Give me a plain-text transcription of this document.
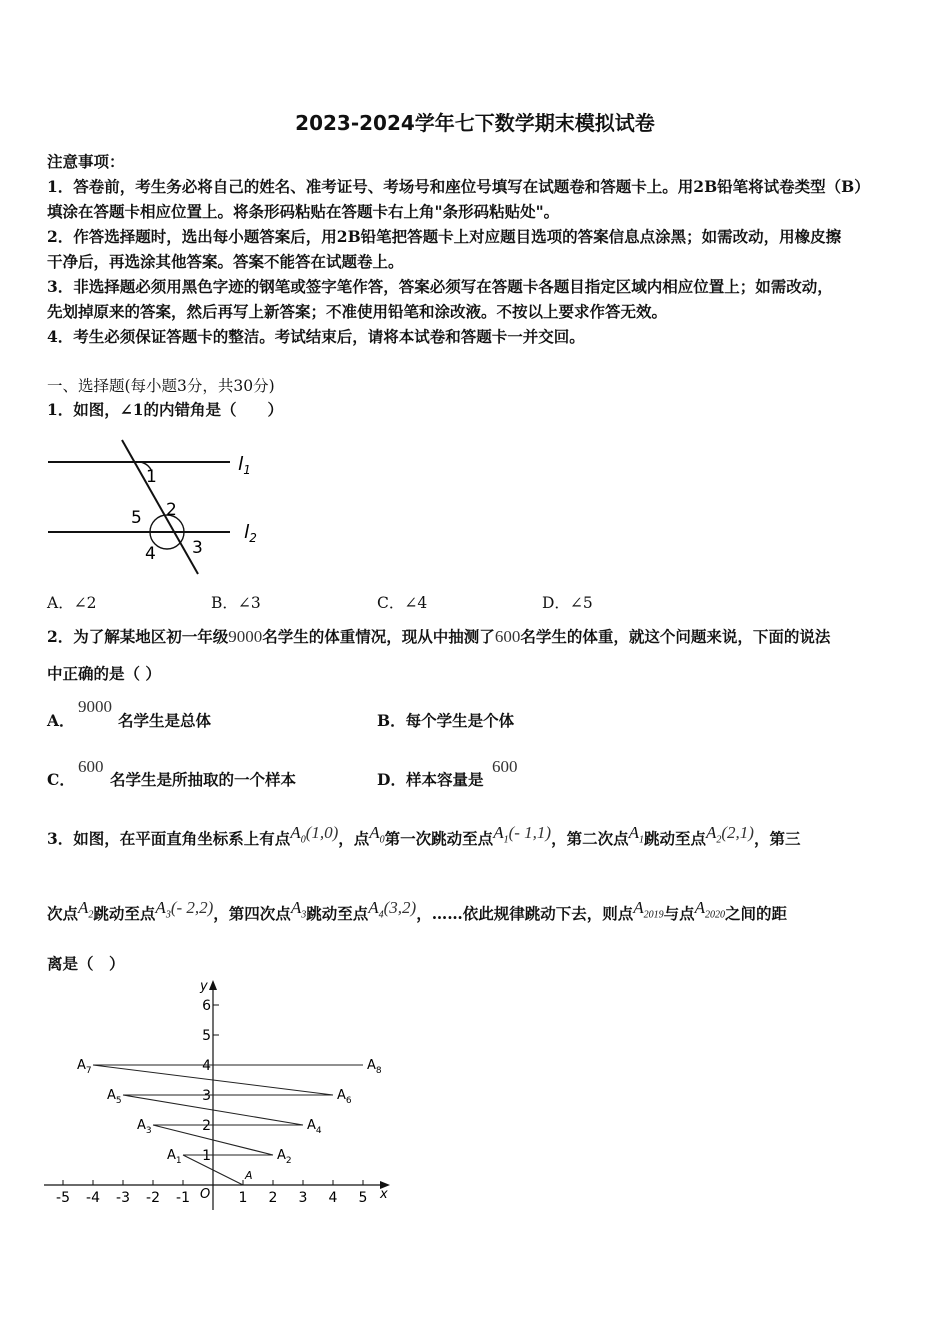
2023-2024学年七下数学期末模拟试卷
注意事项：
1．答卷前，考生务必将自己的姓名、准考证号、考场号和座位号填写在试题卷和答题卡上。用2B铅笔将试卷类型（B）
填涂在答题卡相应位置上。将条形码粘贴在答题卡右上角"条形码粘贴处"。
2．作答选择题时，选出每小题答案后，用2B铅笔把答题卡上对应题目选项的答案信息点涂黑；如需改动，用橡皮擦
干净后，再选涂其他答案。答案不能答在试题卷上。
3．非选择题必须用黑色字迹的钢笔或签字笔作答，答案必须写在答题卡各题目指定区域内相应位置上；如需改动，
先划掉原来的答案，然后再写上新答案；不准使用铅笔和涂改液。不按以上要求作答无效。
4．考生必须保证答题卡的整洁。考试结束后，请将本试卷和答题卡一并交回。
一、选择题(每小题3分，共30分)
1．如图，∠1的内错角是（　　）
1
2
3
4
5
$l_1$
$l_2$
A．∠2	B．∠3	C．∠4	D．∠5
2．为了解某地区初一年级9000名学生的体重情况，现从中抽测了600名学生的体重，就这个问题来说，下面的说法
中正确的是（ ）
A．
9000
名学生是总体	B．每个学生是个体
C．
600
名学生是所抽取的一个样本	D．样本容量是
600
3．如图，在平面直角坐标系上有点$A_0(1,0)$，点$A_0$第一次跳动至点$A_1(-$ 1,1)，第二次点$A_1$跳动至点$A_2(2,1)$，第三
次点$A_2$跳动至点$A_3(-$ 2,2)，第四次点$A_3$跳动至点$A_4(3,2)$，……依此规律跳动下去，则点$A_{2019}$与点$A_{2020}$之间的距
离是（　）
x
y
O
A
-5 -4 -3 -2 -1	1 2 3 4 5
1
2
3
4
5
6
$A_1$	$A_2$
$A_3$	$A_4$
$A_5$	$A_6$
$A_7$	$A_8$
